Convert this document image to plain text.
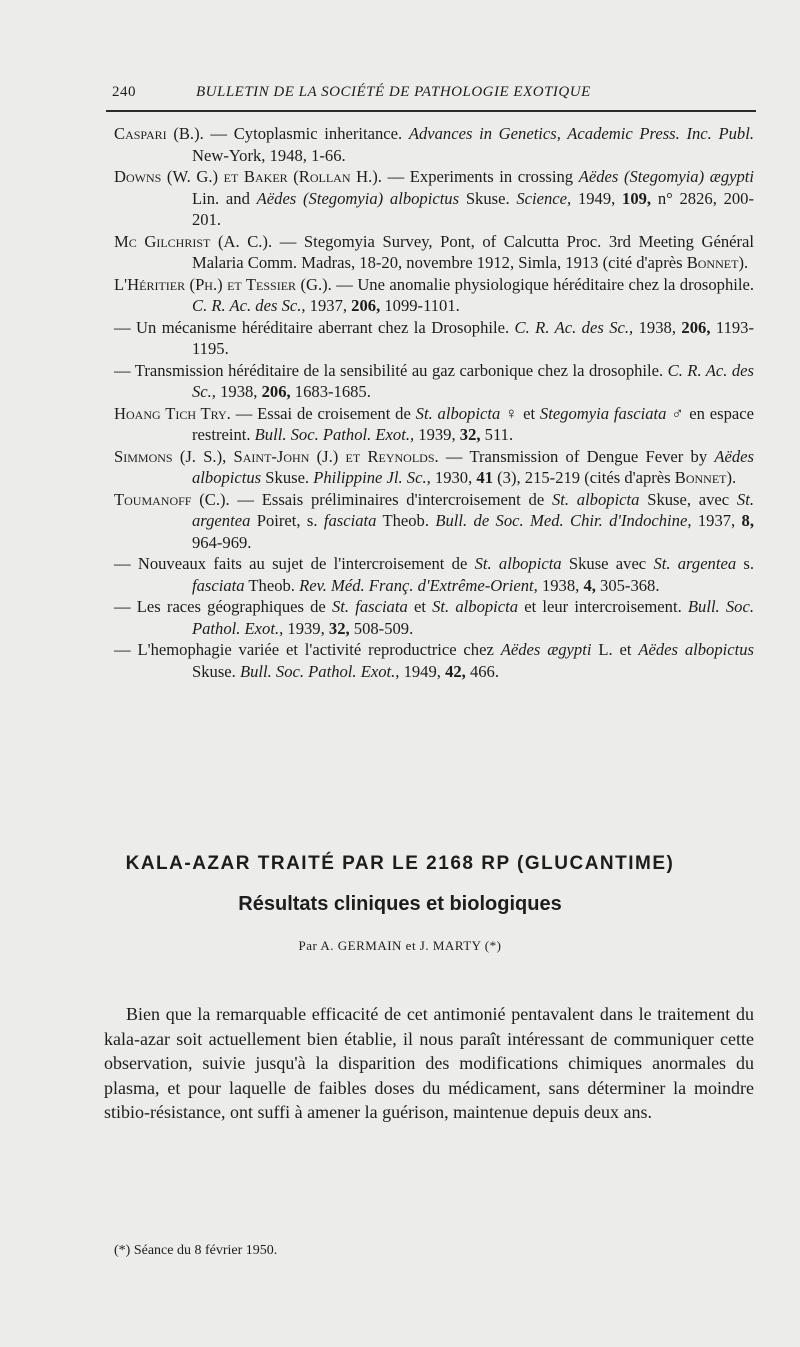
240	BULLETIN DE LA SOCIÉTÉ DE PATHOLOGIE EXOTIQUE
Caspari (B.). — Cytoplasmic inheritance. Advances in Genetics, Academic Press. Inc. Publ. New-York, 1948, 1-66.
Downs (W. G.) et Baker (Rollan H.). — Experiments in crossing Aëdes (Stegomyia) ægypti Lin. and Aëdes (Stegomyia) albopictus Skuse. Science, 1949, 109, n° 2826, 200-201.
Mc Gilchrist (A. C.). — Stegomyia Survey, Pont, of Calcutta Proc. 3rd Meeting Général Malaria Comm. Madras, 18-20, novembre 1912, Simla, 1913 (cité d'après Bonnet).
L'Héritier (Ph.) et Tessier (G.). — Une anomalie physiologique héréditaire chez la drosophile. C. R. Ac. des Sc., 1937, 206, 1099-1101.
— Un mécanisme héréditaire aberrant chez la Drosophile. C. R. Ac. des Sc., 1938, 206, 1193-1195.
— Transmission héréditaire de la sensibilité au gaz carbonique chez la drosophile. C. R. Ac. des Sc., 1938, 206, 1683-1685.
Hoang Tich Try. — Essai de croisement de St. albopicta ♀ et Stegomyia fasciata ♂ en espace restreint. Bull. Soc. Pathol. Exot., 1939, 32, 511.
Simmons (J. S.), Saint-John (J.) et Reynolds. — Transmission of Dengue Fever by Aëdes albopictus Skuse. Philippine Jl. Sc., 1930, 41 (3), 215-219 (cités d'après Bonnet).
Toumanoff (C.). — Essais préliminaires d'intercroisement de St. albopicta Skuse, avec St. argentea Poiret, s. fasciata Theob. Bull. de Soc. Med. Chir. d'Indochine, 1937, 8, 964-969.
— Nouveaux faits au sujet de l'intercroisement de St. albopicta Skuse avec St. argentea s. fasciata Theob. Rev. Méd. Franç. d'Extrême-Orient, 1938, 4, 305-368.
— Les races géographiques de St. fasciata et St. albopicta et leur intercroisement. Bull. Soc. Pathol. Exot., 1939, 32, 508-509.
— L'hemophagie variée et l'activité reproductrice chez Aëdes ægypti L. et Aëdes albopictus Skuse. Bull. Soc. Pathol. Exot., 1949, 42, 466.
KALA-AZAR TRAITÉ PAR LE 2168 RP (GLUCANTIME)
Résultats cliniques et biologiques
Par A. GERMAIN et J. MARTY (*)

Bien que la remarquable efficacité de cet antimonié pentavalent dans le traitement du kala-azar soit actuellement bien établie, il nous paraît intéressant de communiquer cette observation, suivie jusqu'à la disparition des modifications chimiques anormales du plasma, et pour laquelle de faibles doses du médicament, sans déterminer la moindre stibio-résistance, ont suffi à amener la guérison, maintenue depuis deux ans.

(*) Séance du 8 février 1950.
